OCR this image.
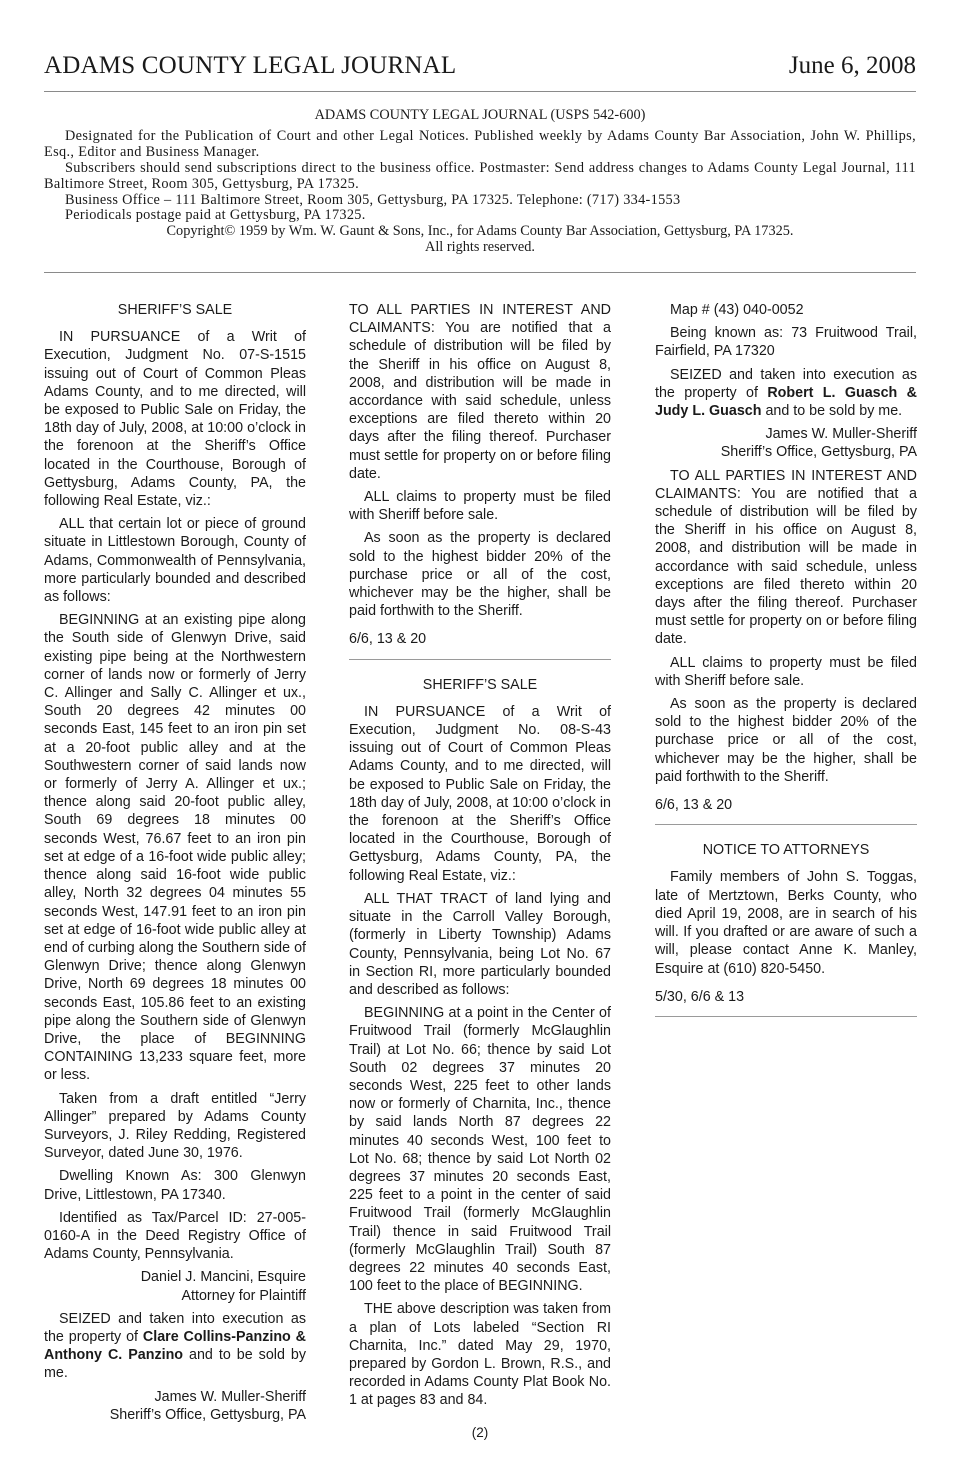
ADAMS COUNTY LEGAL JOURNAL	June 6, 2008

ADAMS COUNTY LEGAL JOURNAL (USPS 542-600)

Designated for the Publication of Court and other Legal Notices. Published weekly by Adams County Bar Association, John W. Phillips, Esq., Editor and Business Manager.

Subscribers should send subscriptions direct to the business office. Postmaster: Send address changes to Adams County Legal Journal, 111 Baltimore Street, Room 305, Gettysburg, PA 17325.

Business Office – 111 Baltimore Street, Room 305, Gettysburg, PA 17325. Telephone: (717) 334-1553

Periodicals postage paid at Gettysburg, PA 17325.

Copyright© 1959 by Wm. W. Gaunt & Sons, Inc., for Adams County Bar Association, Gettysburg, PA 17325.

All rights reserved.

SHERIFF’S SALE

IN PURSUANCE of a Writ of Execution, Judgment No. 07-S-1515 issuing out of Court of Common Pleas Adams County, and to me directed, will be exposed to Public Sale on Friday, the 18th day of July, 2008, at 10:00 o’clock in the forenoon at the Sheriff’s Office located in the Courthouse, Borough of Gettysburg, Adams County, PA, the following Real Estate, viz.:

ALL that certain lot or piece of ground situate in Littlestown Borough, County of Adams, Commonwealth of Pennsylvania, more particularly bounded and described as follows:

BEGINNING at an existing pipe along the South side of Glenwyn Drive, said existing pipe being at the Northwestern corner of lands now or formerly of Jerry C. Allinger and Sally C. Allinger et ux., South 20 degrees 42 minutes 00 seconds East, 145 feet to an iron pin set at a 20-foot public alley and at the Southwestern corner of said lands now or formerly of Jerry A. Allinger et ux.; thence along said 20-foot public alley, South 69 degrees 18 minutes 00 seconds West, 76.67 feet to an iron pin set at edge of a 16-foot wide public alley; thence along said 16-foot wide public alley, North 32 degrees 04 minutes 55 seconds West, 147.91 feet to an iron pin set at edge of 16-foot wide public alley at end of curbing along the Southern side of Glenwyn Drive; thence along Glenwyn Drive, North 69 degrees 18 minutes 00 seconds East, 105.86 feet to an existing pipe along the Southern side of Glenwyn Drive, the place of BEGINNING CONTAINING 13,233 square feet, more or less.

Taken from a draft entitled “Jerry Allinger” prepared by Adams County Surveyors, J. Riley Redding, Registered Surveyor, dated June 30, 1976.

Dwelling Known As: 300 Glenwyn Drive, Littlestown, PA 17340.

Identified as Tax/Parcel ID: 27-005-0160-A in the Deed Registry Office of Adams County, Pennsylvania.

Daniel J. Mancini, Esquire

Attorney for Plaintiff

SEIZED and taken into execution as the property of Clare Collins-Panzino & Anthony C. Panzino and to be sold by me.

James W. Muller-Sheriff

Sheriff’s Office, Gettysburg, PA

TO ALL PARTIES IN INTEREST AND CLAIMANTS: You are notified that a schedule of distribution will be filed by the Sheriff in his office on August 8, 2008, and distribution will be made in accordance with said schedule, unless exceptions are filed thereto within 20 days after the filing thereof. Purchaser must settle for property on or before filing date.

ALL claims to property must be filed with Sheriff before sale.

As soon as the property is declared sold to the highest bidder 20% of the purchase price or all of the cost, whichever may be the higher, shall be paid forthwith to the Sheriff.

6/6, 13 & 20

SHERIFF’S SALE

IN PURSUANCE of a Writ of Execution, Judgment No. 08-S-43 issuing out of Court of Common Pleas Adams County, and to me directed, will be exposed to Public Sale on Friday, the 18th day of July, 2008, at 10:00 o’clock in the forenoon at the Sheriff’s Office located in the Courthouse, Borough of Gettysburg, Adams County, PA, the following Real Estate, viz.:

ALL THAT TRACT of land lying and situate in the Carroll Valley Borough, (formerly in Liberty Township) Adams County, Pennsylvania, being Lot No. 67 in Section RI, more particularly bounded and described as follows:

BEGINNING at a point in the Center of Fruitwood Trail (formerly McGlaughlin Trail) at Lot No. 66; thence by said Lot South 02 degrees 37 minutes 20 seconds West, 225 feet to other lands now or formerly of Charnita, Inc., thence by said lands North 87 degrees 22 minutes 40 seconds West, 100 feet to Lot No. 68; thence by said Lot North 02 degrees 37 minutes 20 seconds East, 225 feet to a point in the center of said Fruitwood Trail (formerly McGlaughlin Trail) thence in said Fruitwood Trail (formerly McGlaughlin Trail) South 87 degrees 22 minutes 40 seconds East, 100 feet to the place of BEGINNING.

THE above description was taken from a plan of Lots labeled “Section RI Charnita, Inc.” dated May 29, 1970, prepared by Gordon L. Brown, R.S., and recorded in Adams County Plat Book No. 1 at pages 83 and 84.

Map # (43) 040-0052

Being known as: 73 Fruitwood Trail, Fairfield, PA 17320

SEIZED and taken into execution as the property of Robert L. Guasch & Judy L. Guasch and to be sold by me.

James W. Muller-Sheriff

Sheriff’s Office, Gettysburg, PA

TO ALL PARTIES IN INTEREST AND CLAIMANTS: You are notified that a schedule of distribution will be filed by the Sheriff in his office on August 8, 2008, and distribution will be made in accordance with said schedule, unless exceptions are filed thereto within 20 days after the filing thereof. Purchaser must settle for property on or before filing date.

ALL claims to property must be filed with Sheriff before sale.

As soon as the property is declared sold to the highest bidder 20% of the purchase price or all of the cost, whichever may be the higher, shall be paid forthwith to the Sheriff.

6/6, 13 & 20

NOTICE TO ATTORNEYS

Family members of John S. Toggas, late of Mertztown, Berks County, who died April 19, 2008, are in search of his will. If you drafted or are aware of such a will, please contact Anne K. Manley, Esquire at (610) 820-5450.

5/30, 6/6 & 13

(2)
